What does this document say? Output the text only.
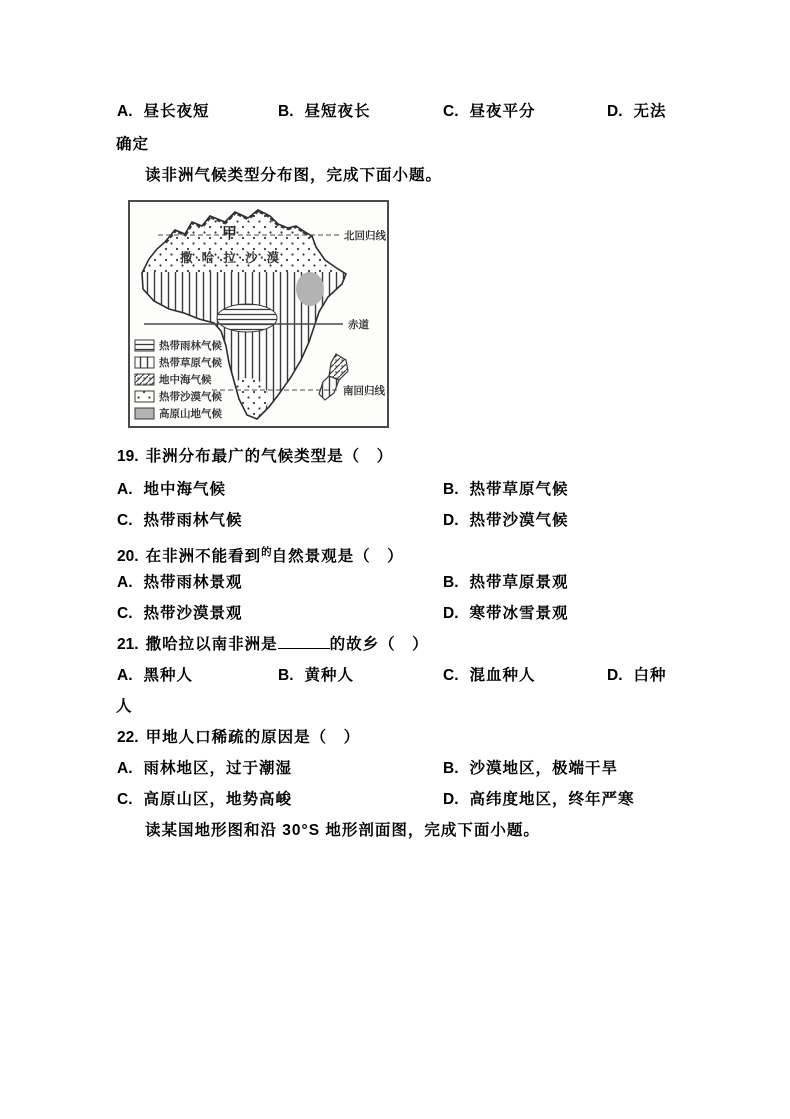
A. 昼长夜短	B. 昼短夜长	C. 昼夜平分	D. 无法
确定
读非洲气候类型分布图，完成下面小题。
北回归线
赤道
南回归线
甲
撒·哈·拉·沙·漠
热带雨林气候
热带草原气候
地中海气候
热带沙漠气候
高原山地气候
19. 非洲分布最广的气候类型是（　）
A. 地中海气候	B. 热带草原气候
C. 热带雨林气候	D. 热带沙漠气候
20. 在非洲不能看到$^的$自然景观是（　）
A. 热带雨林景观	B. 热带草原景观
C. 热带沙漠景观	D. 寒带冰雪景观
21. 撒哈拉以南非洲是	的故乡（　）
A. 黑种人	B. 黄种人	C. 混血种人	D. 白种
人
22. 甲地人口稀疏的原因是（　）
A. 雨林地区，过于潮湿	B. 沙漠地区，极端干旱
C. 高原山区，地势高峻	D. 高纬度地区，终年严寒
读某国地形图和沿 30°S 地形剖面图，完成下面小题。
